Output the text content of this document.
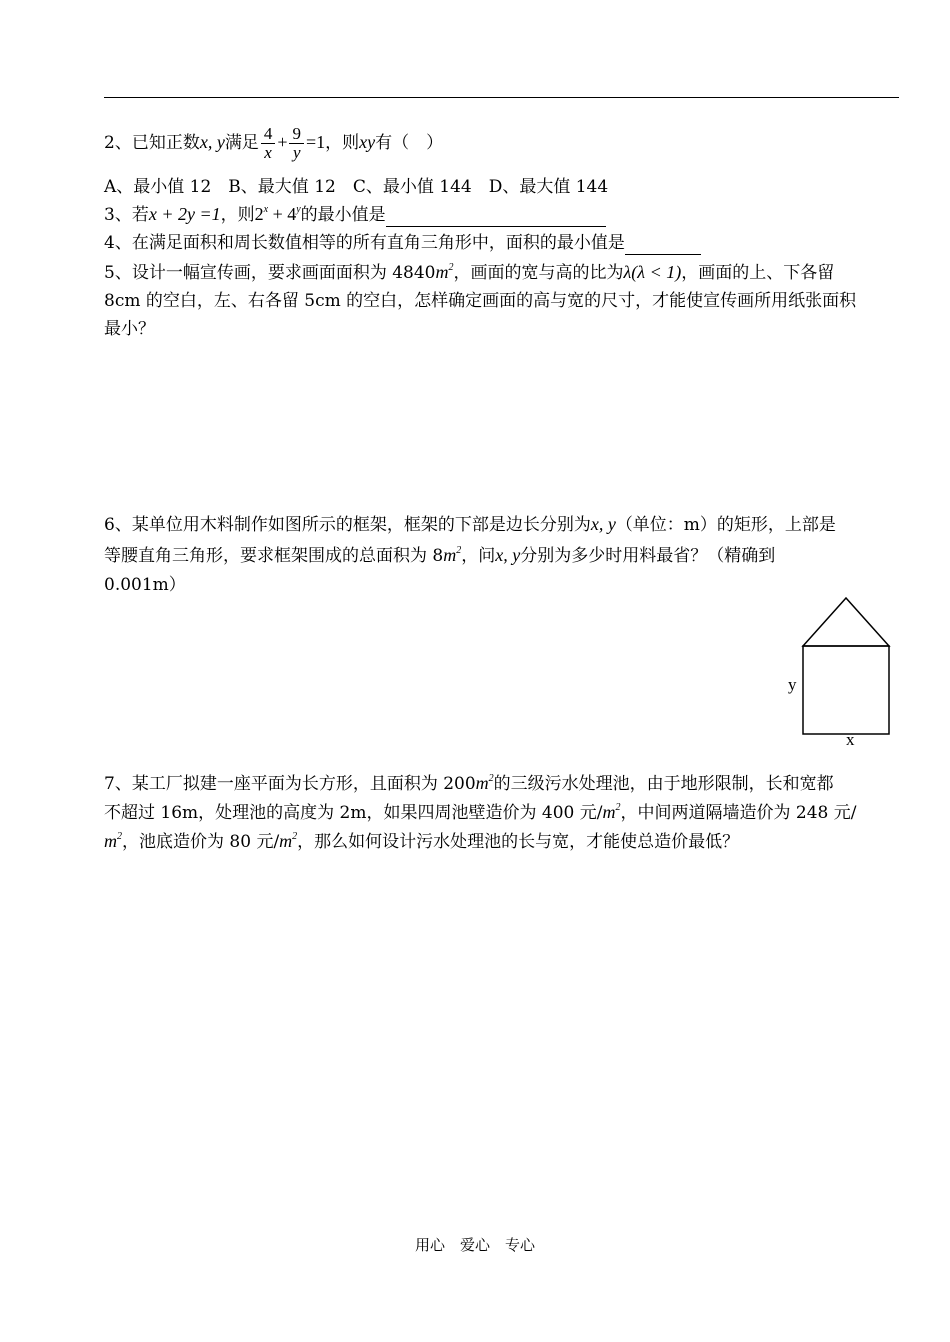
2、已知正数x, y满足 $\frac{4}{x} + \frac{9}{y} =1$，则xy有（　）
A、最小值 12　B、最大值 12　C、最小值 144　D、最大值 144
3、若x + 2y =1，则$2^x + 4^y$的最小值是
4、在满足面积和周长数值相等的所有直角三角形中，面积的最小值是
5、设计一幅宣传画，要求画面面积为 $4840m^2$，画面的宽与高的比为λ(λ < 1)，画面的上、下各留
8cm 的空白，左、右各留 5cm 的空白，怎样确定画面的高与宽的尺寸，才能使宣传画所用纸张面积
最小？
6、某单位用木料制作如图所示的框架，框架的下部是边长分别为x, y（单位：m）的矩形，上部是
等腰直角三角形，要求框架围成的总面积为 $8m^2$，问x, y分别为多少时用料最省？（精确到
0.001m）
y
x
7、某工厂拟建一座平面为长方形，且面积为 $200m^2$的三级污水处理池，由于地形限制，长和宽都
不超过 16m，处理池的高度为 2m，如果四周池壁造价为 400 元$/m^2$，中间两道隔墙造价为 248 元/
$m^2$，池底造价为 80 元$/m^2$，那么如何设计污水处理池的长与宽，才能使总造价最低？
用心　爱心　专心
